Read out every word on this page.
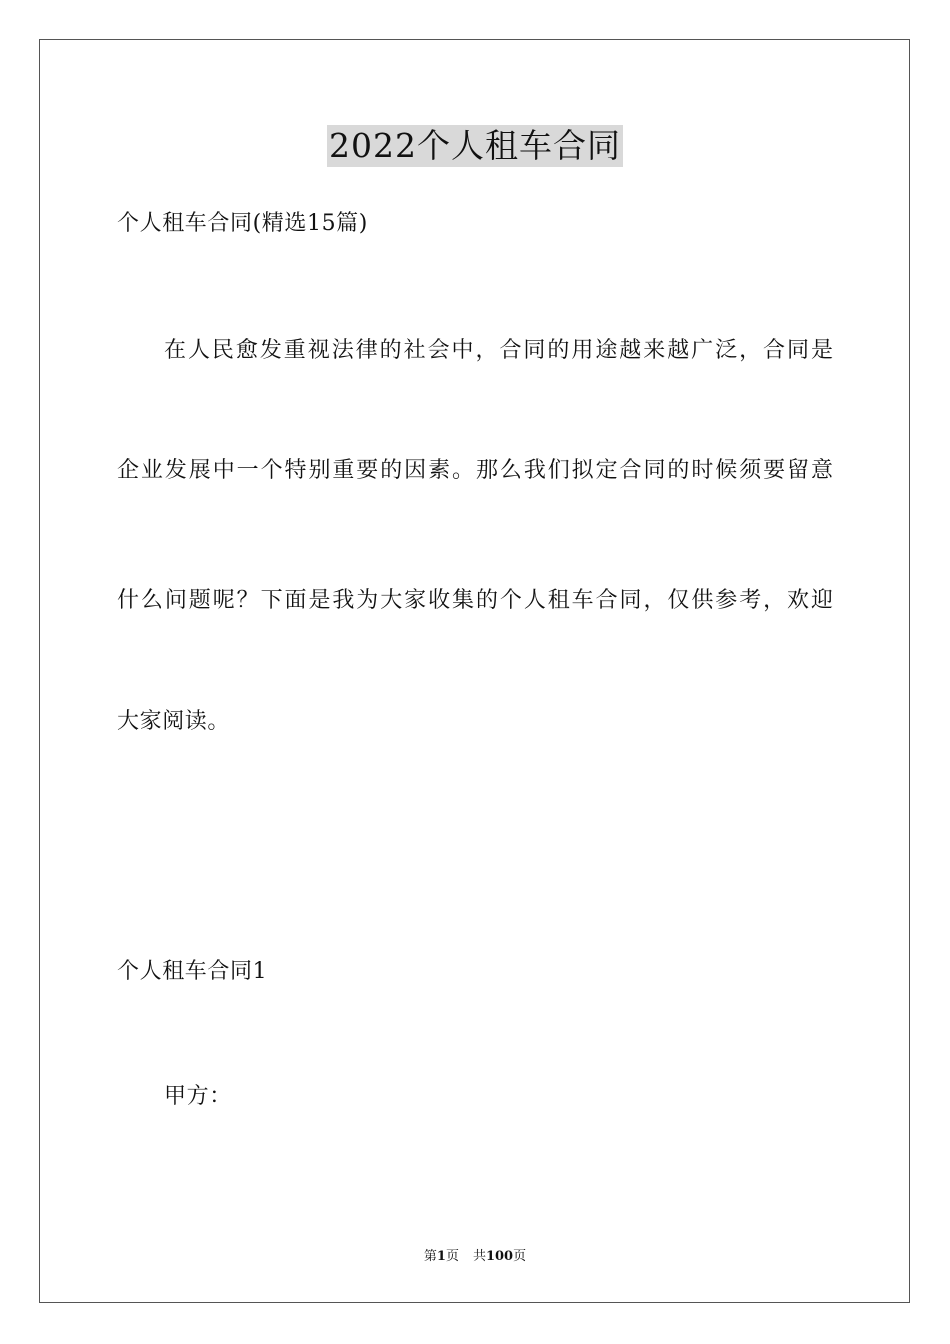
2022个人租车合同
个人租车合同(精选15篇)
在人民愈发重视法律的社会中，合同的用途越来越广泛，合同是
企业发展中一个特别重要的因素。那么我们拟定合同的时候须要留意
什么问题呢？下面是我为大家收集的个人租车合同，仅供参考，欢迎
大家阅读。
个人租车合同1
甲方：
第1页 共100页
